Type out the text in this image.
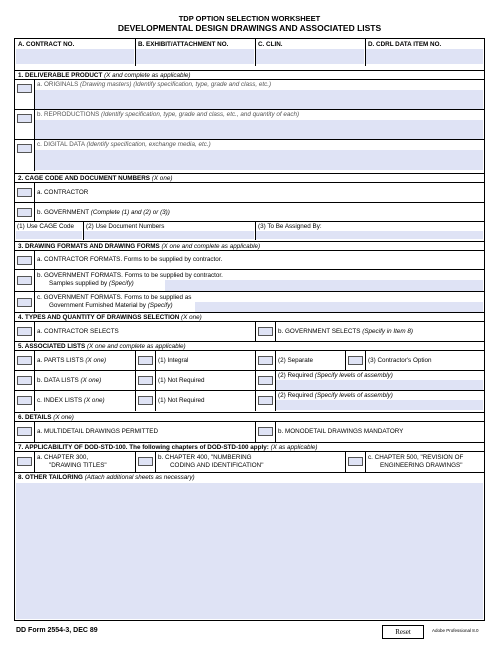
TDP OPTION SELECTION WORKSHEET
DEVELOPMENTAL DESIGN DRAWINGS AND ASSOCIATED LISTS
A. CONTRACT NO.	B. EXHIBIT/ATTACHMENT NO.	C. CLIN.	D. CDRL DATA ITEM NO.
1. DELIVERABLE PRODUCT (X and complete as applicable)
a. ORIGINALS (Drawing masters) (Identify specification, type, grade and class, etc.)
b. REPRODUCTIONS (Identify specification, type, grade and class, etc., and quantity of each)
c. DIGITAL DATA (Identify specification, exchange media, etc.)
2. CAGE CODE AND DOCUMENT NUMBERS (X one)
a. CONTRACTOR
b. GOVERNMENT (Complete (1) and (2) or (3))
(1) Use CAGE Code (2) Use Document Numbers	(3) To Be Assigned By:
3. DRAWING FORMATS AND DRAWING FORMS (X one and complete as applicable)
a. CONTRACTOR FORMATS. Forms to be supplied by contractor.
b. GOVERNMENT FORMATS. Forms to be supplied by contractor.
Samples supplied by (Specify)
c. GOVERNMENT FORMATS. Forms to be supplied as
Government Furnished Material by (Specify)
4. TYPES AND QUANTITY OF DRAWINGS SELECTION (X one)
a. CONTRACTOR SELECTS	b. GOVERNMENT SELECTS (Specify in Item 8)
5. ASSOCIATED LISTS (X one and complete as applicable)
a. PARTS LISTS (X one)	(1) Integral	(2) Separate	(3) Contractor's Option
b. DATA LISTS (X one)	(1) Not Required
(2) Required (Specify levels of assembly)
c. INDEX LISTS (X one)	(1) Not Required
(2) Required (Specify levels of assembly)
6. DETAILS (X one)
a. MULTIDETAIL DRAWINGS PERMITTED	b. MONODETAIL DRAWINGS MANDATORY
7. APPLICABILITY OF DOD-STD-100. The following chapters of DOD-STD-100 apply: (X as applicable)
a. CHAPTER 300,
"DRAWING TITLES"
b. CHAPTER 400, "NUMBERING
CODING AND IDENTIFICATION"
c. CHAPTER 500, "REVISION OF
ENGINEERING DRAWINGS"
8. OTHER TAILORING (Attach additional sheets as necessary)
DD Form 2554-3, DEC 89	Reset	Adobe Professional 8.0
